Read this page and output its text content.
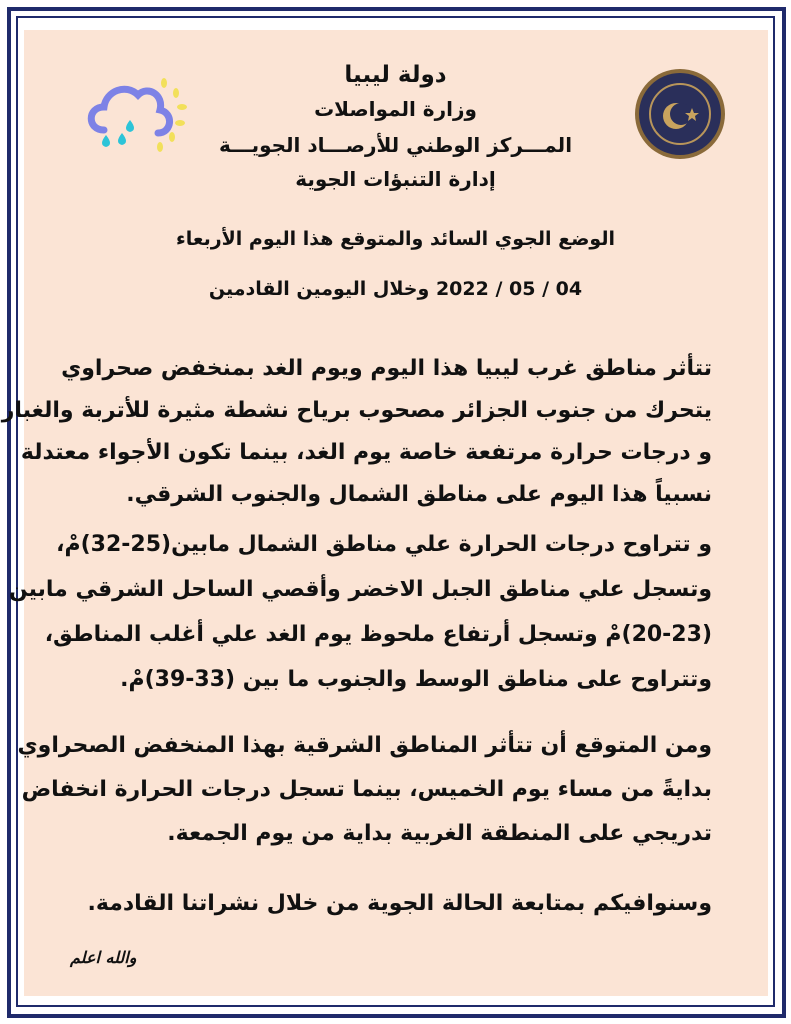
دولة ليبيا
وزارة المواصلات
المـــركز الوطني للأرصـــاد الجويـــة
إدارة التنبؤات الجوية
الوضع الجوي السائد والمتوقع هذا اليوم الأربعاء
04 / 05 / 2022 وخلال اليومين القادمين
تتأثر مناطق غرب ليبيا هذا اليوم ويوم الغد بمنخفض صحراوي
يتحرك من جنوب الجزائر مصحوب برياح نشطة مثيرة للأتربة والغبار
و درجات حرارة مرتفعة خاصة يوم الغد، بينما تكون الأجواء معتدلة
نسبياً هذا اليوم على مناطق الشمال والجنوب الشرقي.
و تتراوح درجات الحرارة علي مناطق الشمال مابين(25-32)مْ،
وتسجل علي مناطق الجبل الاخضر وأقصي الساحل الشرقي مابين
(20-23)مْ وتسجل أرتفاع ملحوظ يوم الغد علي أغلب المناطق،
وتتراوح على مناطق الوسط والجنوب ما بين (33-39)مْ.
ومن المتوقع أن تتأثر المناطق الشرقية بهذا المنخفض الصحراوي
بدايةً من مساء يوم الخميس، بينما تسجل درجات الحرارة انخفاض
تدريجي على المنطقة الغربية بداية من يوم الجمعة.
وسنوافيكم بمتابعة الحالة الجوية من خلال نشراتنا القادمة.
والله اعلم
